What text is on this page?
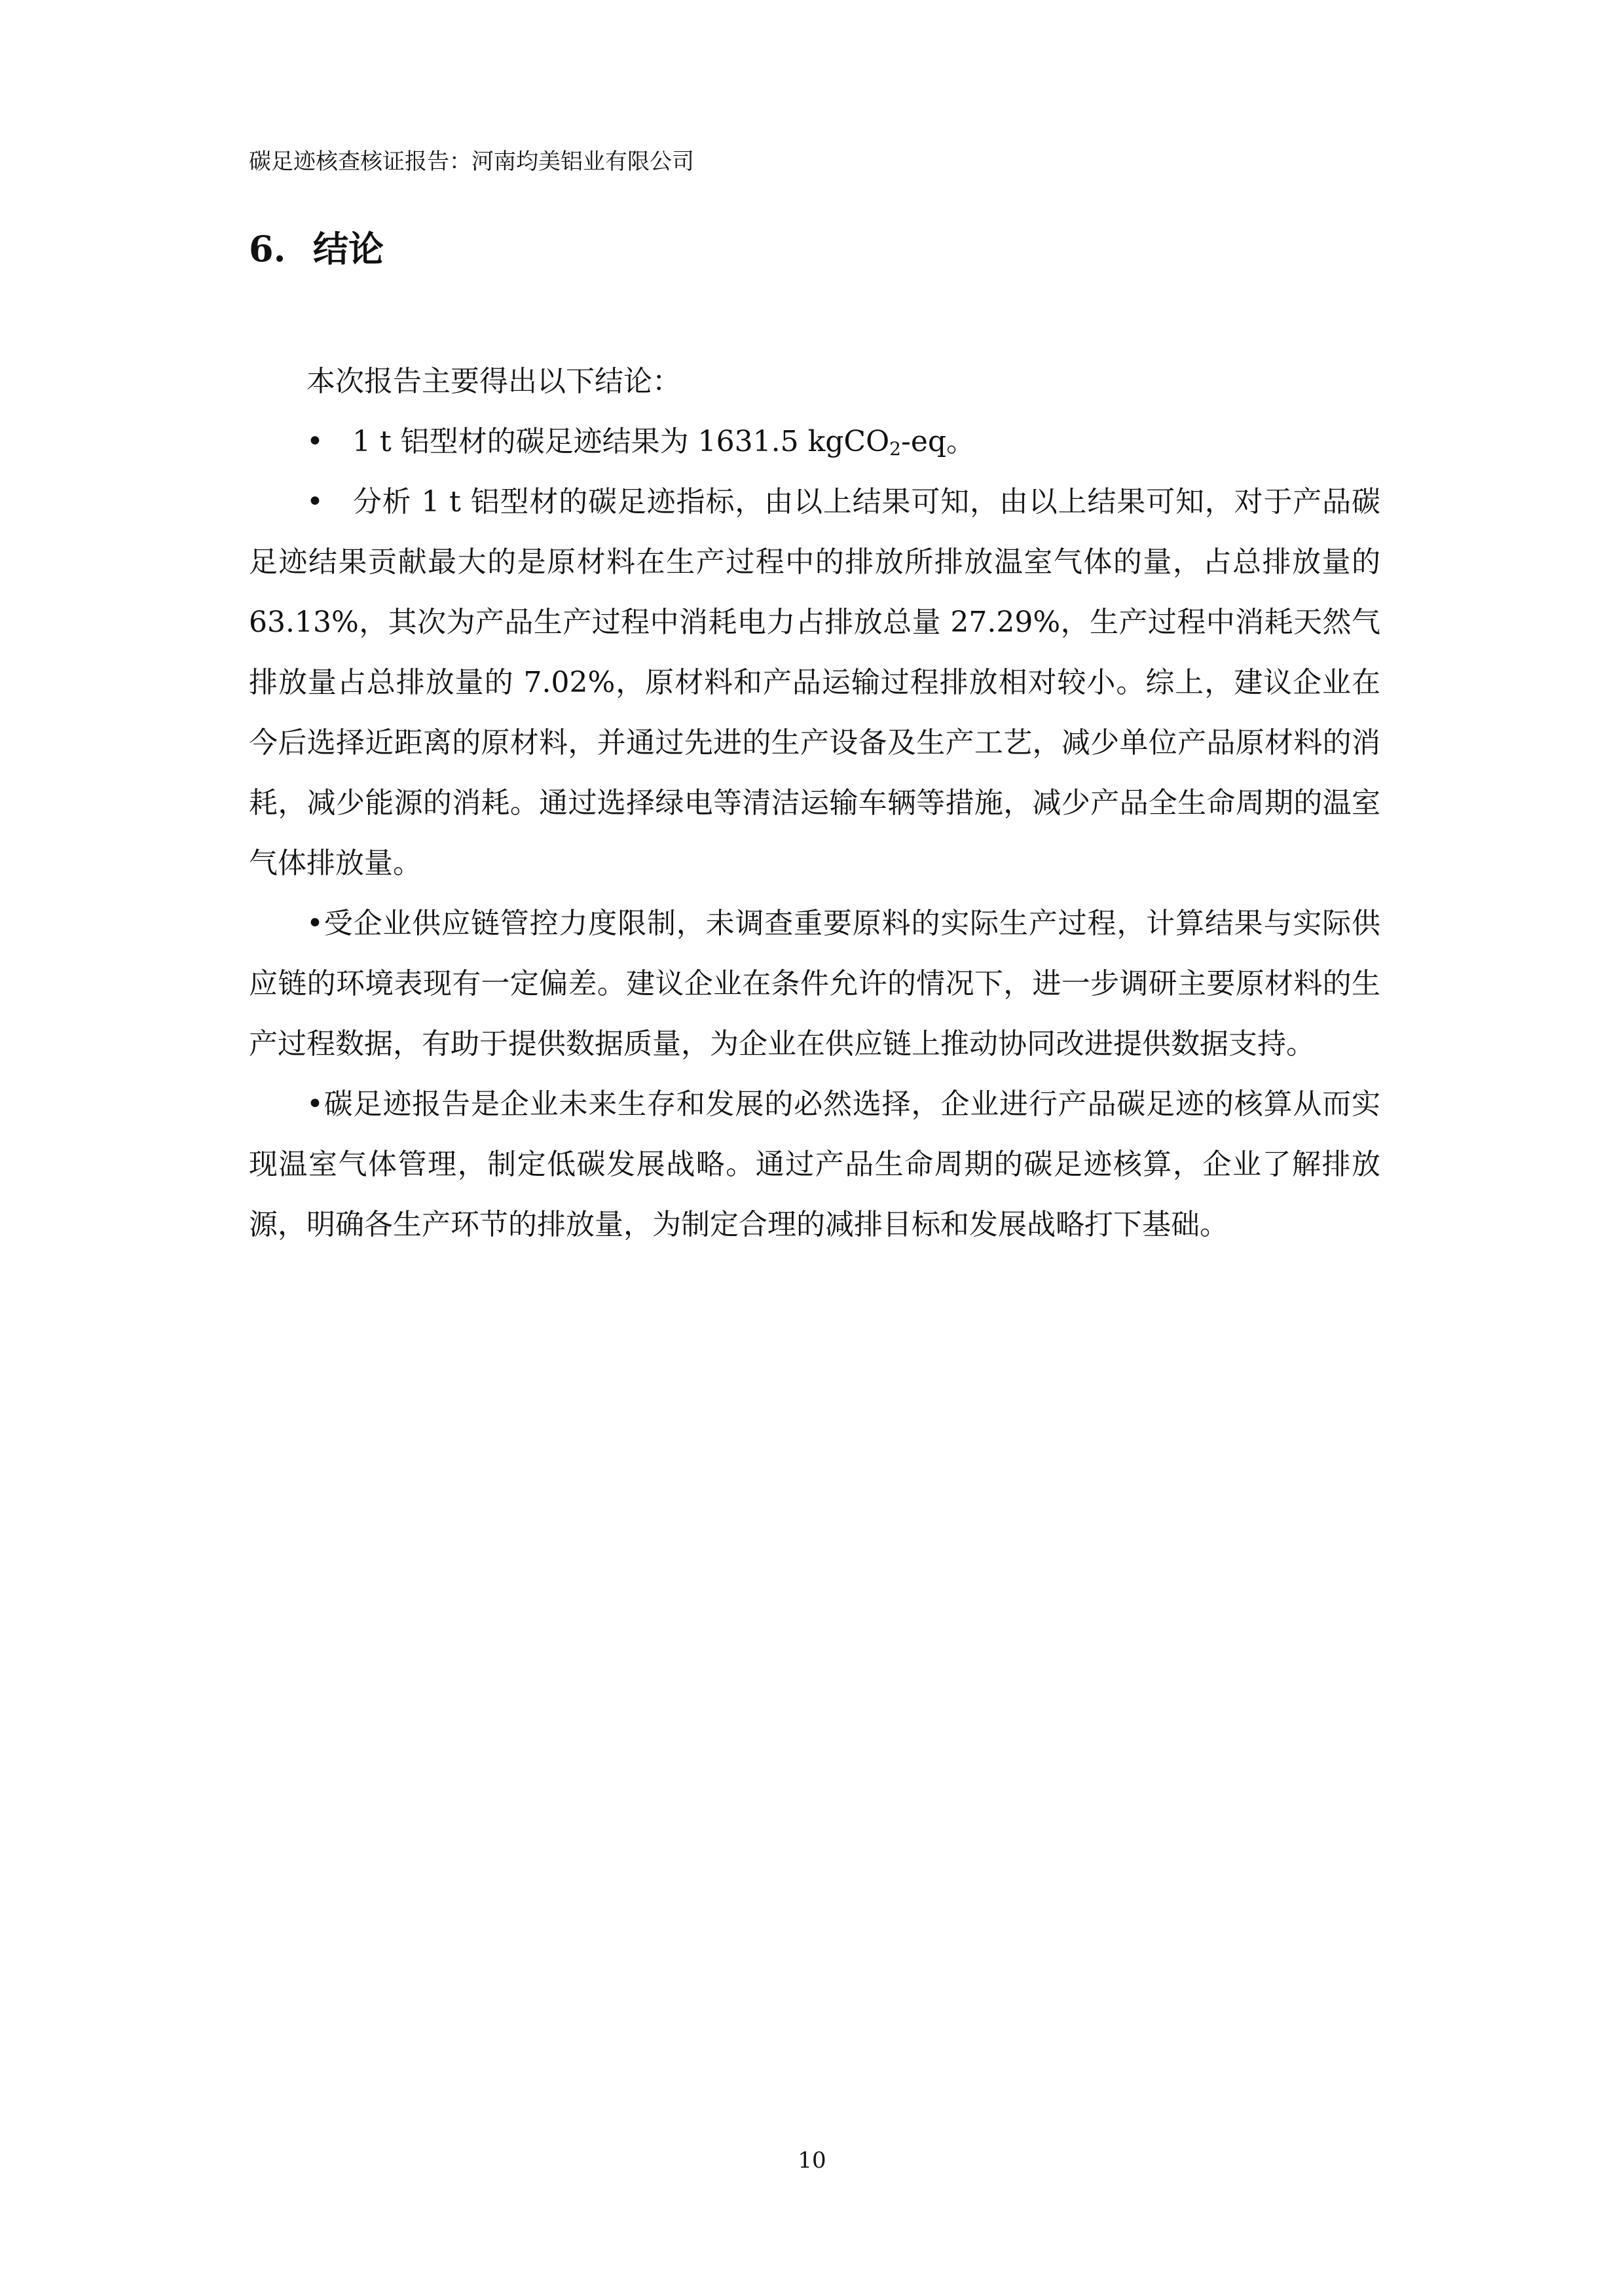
碳足迹核查核证报告：河南均美铝业有限公司
6. 结论

本次报告主要得出以下结论：

• 1 t 铝型材的碳足迹结果为 1631.5 kgCO$_2$-eq。

• 分析 1 t 铝型材的碳足迹指标，由以上结果可知，由以上结果可知，对于产品碳足迹结果贡献最大的是原材料在生产过程中的排放所排放温室气体的量，占总排放量的 63.13%，其次为产品生产过程中消耗电力占排放总量 27.29%，生产过程中消耗天然气排放量占总排放量的 7.02%，原材料和产品运输过程排放相对较小。综上，建议企业在今后选择近距离的原材料，并通过先进的生产设备及生产工艺，减少单位产品原材料的消耗，减少能源的消耗。通过选择绿电等清洁运输车辆等措施，减少产品全生命周期的温室气体排放量。

•受企业供应链管控力度限制，未调查重要原料的实际生产过程，计算结果与实际供应链的环境表现有一定偏差。建议企业在条件允许的情况下，进一步调研主要原材料的生产过程数据，有助于提供数据质量，为企业在供应链上推动协同改进提供数据支持。

•碳足迹报告是企业未来生存和发展的必然选择，企业进行产品碳足迹的核算从而实现温室气体管理，制定低碳发展战略。通过产品生命周期的碳足迹核算，企业了解排放源，明确各生产环节的排放量，为制定合理的减排目标和发展战略打下基础。

10
